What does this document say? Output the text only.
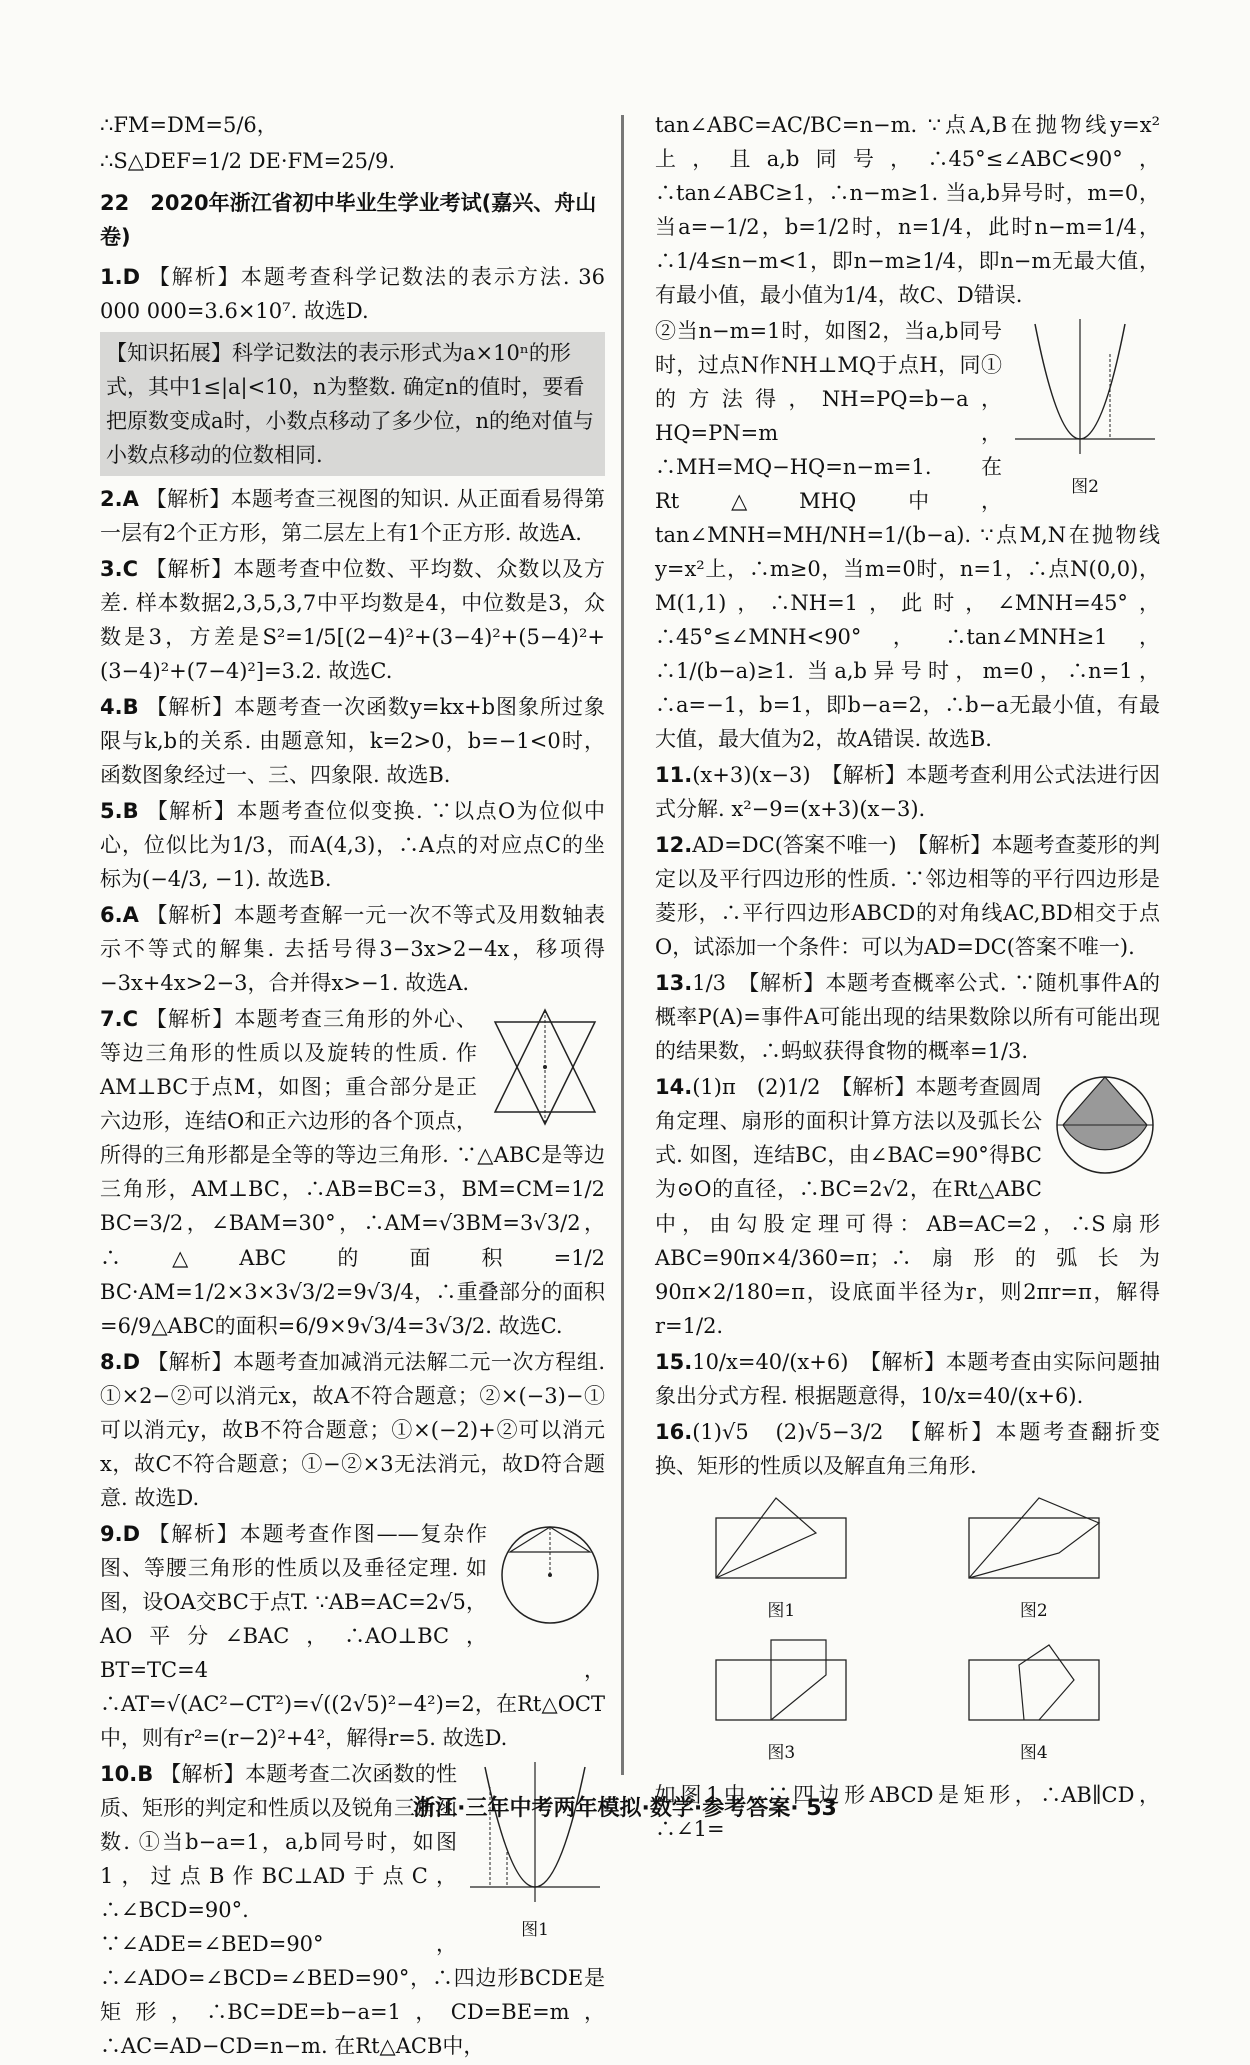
∴FM=DM=5/6，

∴S△DEF=1/2 DE·FM=25/9.

22　2020年浙江省初中毕业生学业考试(嘉兴、舟山卷)

1.D 【解析】本题考查科学记数法的表示方法. 36 000 000=3.6×10⁷. 故选D.

【知识拓展】科学记数法的表示形式为a×10ⁿ的形式，其中1≤|a|<10，n为整数. 确定n的值时，要看把原数变成a时，小数点移动了多少位，n的绝对值与小数点移动的位数相同.

2.A 【解析】本题考查三视图的知识. 从正面看易得第一层有2个正方形，第二层左上有1个正方形. 故选A.

3.C 【解析】本题考查中位数、平均数、众数以及方差. 样本数据2,3,5,3,7中平均数是4，中位数是3，众数是3，方差是S²=1/5[(2−4)²+(3−4)²+(5−4)²+(3−4)²+(7−4)²]=3.2. 故选C.

4.B 【解析】本题考查一次函数y=kx+b图象所过象限与k,b的关系. 由题意知，k=2>0，b=−1<0时，函数图象经过一、三、四象限. 故选B.

5.B 【解析】本题考查位似变换. ∵以点O为位似中心，位似比为1/3，而A(4,3)，∴A点的对应点C的坐标为(−4/3, −1). 故选B.

6.A 【解析】本题考查解一元一次不等式及用数轴表示不等式的解集. 去括号得3−3x>2−4x，移项得−3x+4x>2−3，合并得x>−1. 故选A.

7.C 【解析】本题考查三角形的外心、等边三角形的性质以及旋转的性质. 作AM⊥BC于点M，如图；重合部分是正六边形，连结O和正六边形的各个顶点，所得的三角形都是全等的等边三角形. ∵△ABC是等边三角形，AM⊥BC，∴AB=BC=3，BM=CM=1/2 BC=3/2，∠BAM=30°，∴AM=√3BM=3√3/2，∴△ABC的面积=1/2 BC·AM=1/2×3×3√3/2=9√3/4，∴重叠部分的面积=6/9△ABC的面积=6/9×9√3/4=3√3/2. 故选C.

8.D 【解析】本题考查加减消元法解二元一次方程组. ①×2−②可以消元x，故A不符合题意；②×(−3)−①可以消元y，故B不符合题意；①×(−2)+②可以消元x，故C不符合题意；①−②×3无法消元，故D符合题意. 故选D.

9.D 【解析】本题考查作图——复杂作图、等腰三角形的性质以及垂径定理. 如图，设OA交BC于点T. ∵AB=AC=2√5，AO平分∠BAC，∴AO⊥BC，BT=TC=4，∴AT=√(AC²−CT²)=√((2√5)²−4²)=2，在Rt△OCT中，则有r²=(r−2)²+4²，解得r=5. 故选D.

图1

10.B 【解析】本题考查二次函数的性质、矩形的判定和性质以及锐角三角函数. ①当b−a=1，a,b同号时，如图1，过点B作BC⊥AD于点C，∴∠BCD=90°. ∵∠ADE=∠BED=90°，∴∠ADO=∠BCD=∠BED=90°，∴四边形BCDE是矩形，∴BC=DE=b−a=1，CD=BE=m，∴AC=AD−CD=n−m. 在Rt△ACB中，

tan∠ABC=AC/BC=n−m. ∵点A,B在抛物线y=x²上，且a,b同号，∴45°≤∠ABC<90°，∴tan∠ABC≥1，∴n−m≥1. 当a,b异号时，m=0，当a=−1/2，b=1/2时，n=1/4，此时n−m=1/4，∴1/4≤n−m<1，即n−m≥1/4，即n−m无最大值，有最小值，最小值为1/4，故C、D错误.

图2

②当n−m=1时，如图2，当a,b同号时，过点N作NH⊥MQ于点H，同①的方法得，NH=PQ=b−a，HQ=PN=m，∴MH=MQ−HQ=n−m=1. 在Rt△MHQ中，tan∠MNH=MH/NH=1/(b−a). ∵点M,N在抛物线y=x²上，∴m≥0，当m=0时，n=1，∴点N(0,0)，M(1,1)，∴NH=1，此时，∠MNH=45°，∴45°≤∠MNH<90°，∴tan∠MNH≥1，∴1/(b−a)≥1. 当a,b异号时，m=0，∴n=1，∴a=−1，b=1，即b−a=2，∴b−a无最小值，有最大值，最大值为2，故A错误. 故选B.

11.(x+3)(x−3)　【解析】本题考查利用公式法进行因式分解. x²−9=(x+3)(x−3).

12.AD=DC(答案不唯一)　【解析】本题考查菱形的判定以及平行四边形的性质. ∵邻边相等的平行四边形是菱形，∴平行四边形ABCD的对角线AC,BD相交于点O，试添加一个条件：可以为AD=DC(答案不唯一).

13.1/3　【解析】本题考查概率公式. ∵随机事件A的概率P(A)=事件A可能出现的结果数除以所有可能出现的结果数，∴蚂蚁获得食物的概率=1/3.

14.(1)π　(2)1/2　【解析】本题考查圆周角定理、扇形的面积计算方法以及弧长公式. 如图，连结BC，由∠BAC=90°得BC为⊙O的直径，∴BC=2√2，在Rt△ABC中，由勾股定理可得：AB=AC=2，∴S扇形ABC=90π×4/360=π；∴扇形的弧长为90π×2/180=π，设底面半径为r，则2πr=π，解得r=1/2.

15.10/x=40/(x+6)　【解析】本题考查由实际问题抽象出分式方程. 根据题意得，10/x=40/(x+6).

16.(1)√5　(2)√5−3/2　【解析】本题考查翻折变换、矩形的性质以及解直角三角形.

图1	图2
图3	图4

如图1中. ∵四边形ABCD是矩形，∴AB∥CD，∴∠1=

浙江·三年中考两年模拟·数学·参考答案· 53
